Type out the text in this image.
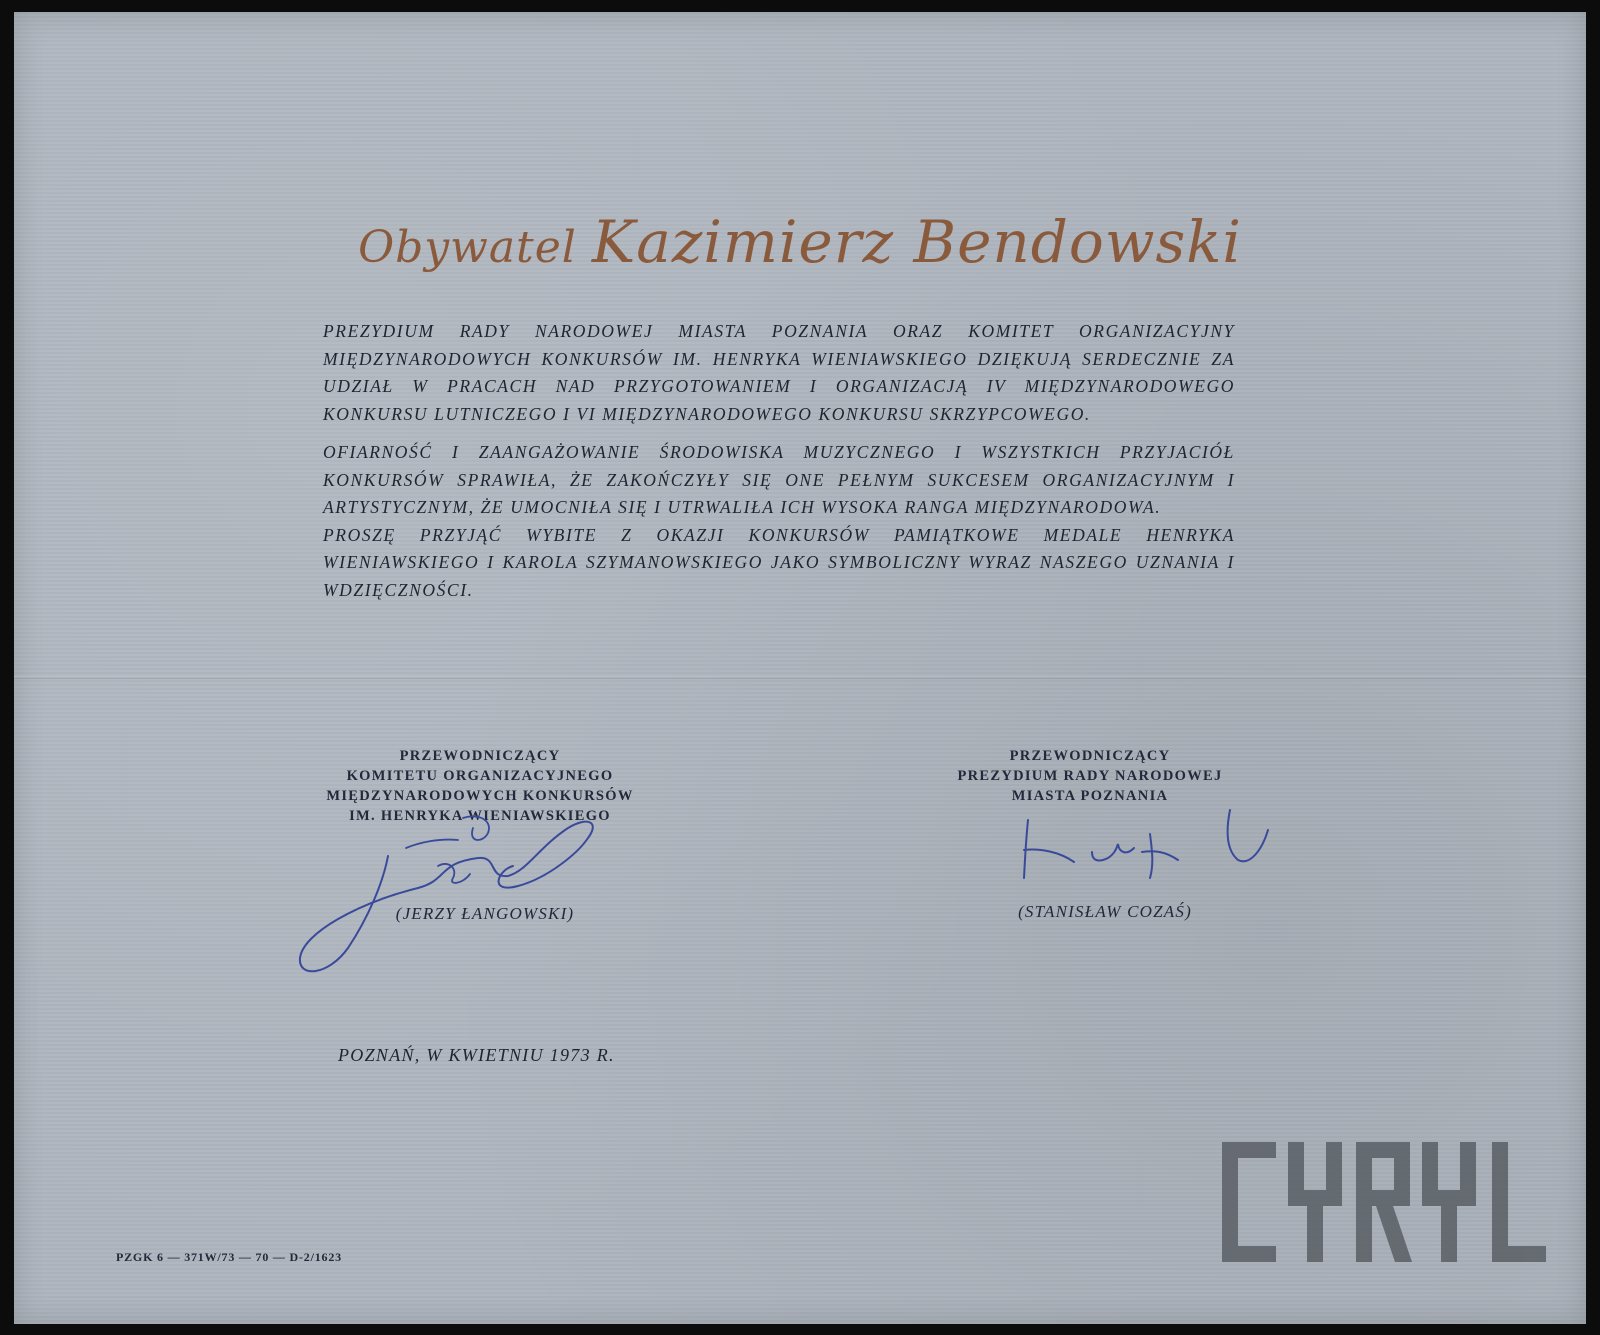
Obywatel Kazimierz Bendowski

PREZYDIUM RADY NARODOWEJ MIASTA POZNANIA ORAZ KOMITET ORGANIZACYJNY MIĘDZYNARODOWYCH KONKURSÓW IM. HENRYKA WIENIAWSKIEGO DZIĘKUJĄ SERDECZNIE ZA UDZIAŁ W PRACACH NAD PRZYGOTOWANIEM I ORGANIZACJĄ IV MIĘDZYNARODOWEGO KONKURSU LUTNICZEGO I VI MIĘDZYNARODOWEGO KONKURSU SKRZYPCOWEGO.

OFIARNOŚĆ I ZAANGAŻOWANIE ŚRODOWISKA MUZYCZNEGO I WSZYSTKICH PRZYJACIÓŁ KONKURSÓW SPRAWIŁA, ŻE ZAKOŃCZYŁY SIĘ ONE PEŁNYM SUKCESEM ORGANIZACYJNYM I ARTYSTYCZNYM, ŻE UMOCNIŁA SIĘ I UTRWALIŁA ICH WYSOKA RANGA MIĘDZYNARODOWA.

PROSZĘ PRZYJĄĆ WYBITE Z OKAZJI KONKURSÓW PAMIĄTKOWE MEDALE HENRYKA WIENIAWSKIEGO I KAROLA SZYMANOWSKIEGO JAKO SYMBOLICZNY WYRAZ NASZEGO UZNANIA I WDZIĘCZNOŚCI.

PRZEWODNICZĄCY
KOMITETU ORGANIZACYJNEGO
MIĘDZYNARODOWYCH KONKURSÓW
IM. HENRYKA WIENIAWSKIEGO
PRZEWODNICZĄCY
PREZYDIUM RADY NARODOWEJ
MIASTA POZNANIA
(JERZY ŁANGOWSKI)	(STANISŁAW COZAŚ)
POZNAŃ, W KWIETNIU 1973 R.
PZGK 6 — 371W/73 — 70 — D-2/1623
